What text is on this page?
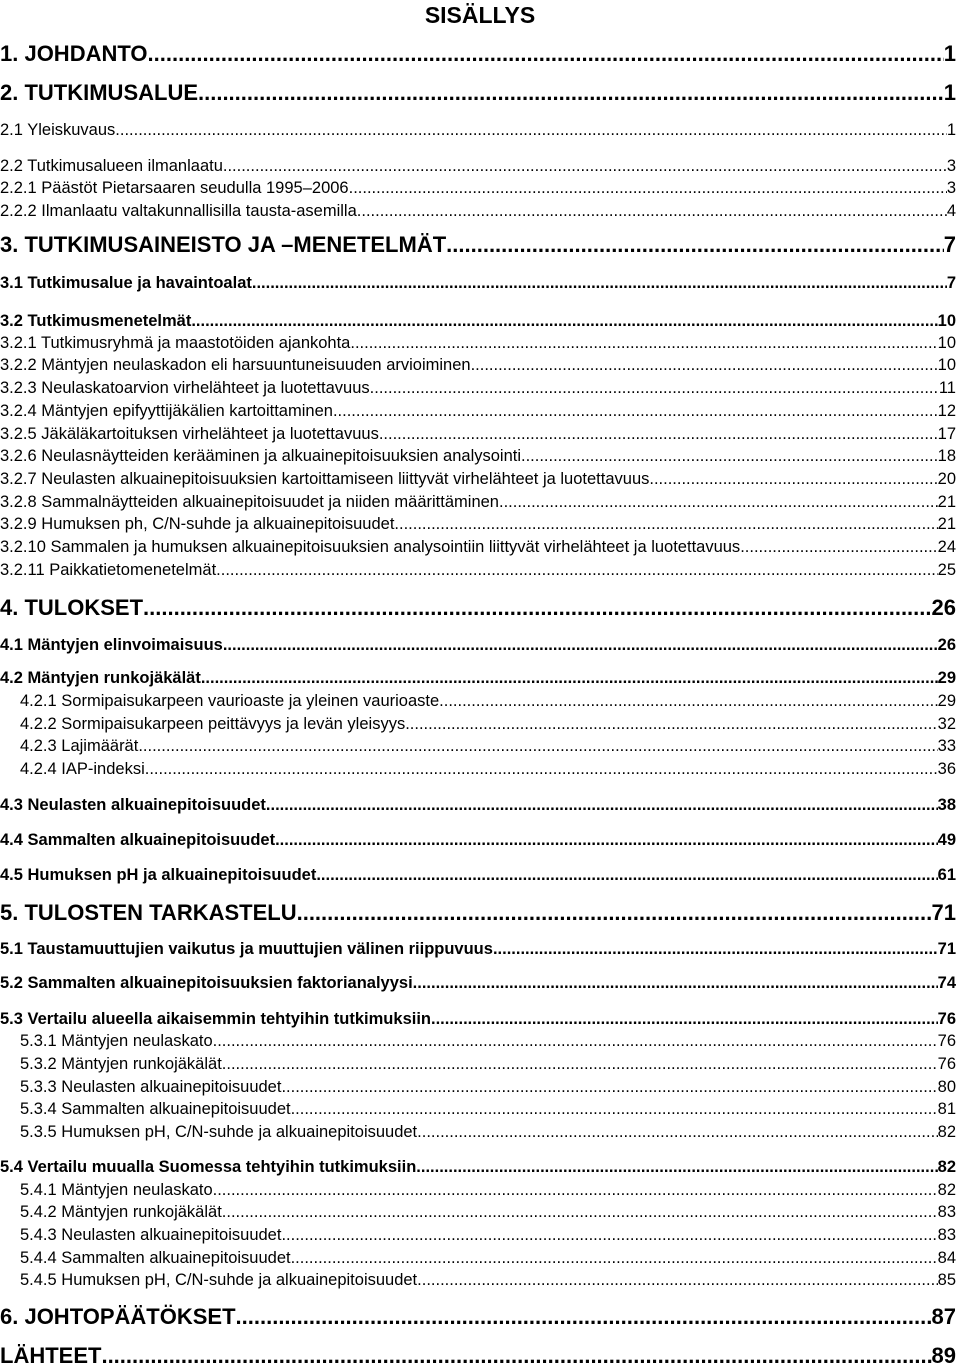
SISÄLLYS
1. JOHDANTO .....	1
2. TUTKIMUSALUE .....	1
2.1 Yleiskuvaus .....	1
2.2 Tutkimusalueen ilmanlaatu .....	3
2.2.1 Päästöt Pietarsaaren seudulla 1995–2006 .....	3
2.2.2 Ilmanlaatu valtakunnallisilla tausta-asemilla .....	4
3. TUTKIMUSAINEISTO JA –MENETELMÄT .....	7
3.1 Tutkimusalue ja havaintoalat .....	7
3.2 Tutkimusmenetelmät .....	10
3.2.1 Tutkimusryhmä ja maastotöiden ajankohta .....	10
3.2.2 Mäntyjen neulaskadon eli harsuuntuneisuuden arvioiminen .....	10
3.2.3 Neulaskatoarvion virhelähteet ja luotettavuus .....	11
3.2.4 Mäntyjen epifyyttijäkälien kartoittaminen .....	12
3.2.5 Jäkäläkartoituksen virhelähteet ja luotettavuus .....	17
3.2.6 Neulasnäytteiden kerääminen ja alkuainepitoisuuksien analysointi .....	18
3.2.7 Neulasten alkuainepitoisuuksien kartoittamiseen liittyvät virhelähteet ja luotettavuus .....	20
3.2.8 Sammalnäytteiden alkuainepitoisuudet ja niiden määrittäminen .....	21
3.2.9 Humuksen ph, C/N-suhde ja alkuainepitoisuudet .....	21
3.2.10 Sammalen ja humuksen alkuainepitoisuuksien analysointiin liittyvät virhelähteet ja luotettavuus .....	24
3.2.11 Paikkatietomenetelmät .....	25
4. TULOKSET .....	26
4.1 Mäntyjen elinvoimaisuus .....	26
4.2 Mäntyjen runkojäkälät .....	29
4.2.1 Sormipaisukarpeen vaurioaste ja yleinen vaurioaste .....	29
4.2.2 Sormipaisukarpeen peittävyys ja levän yleisyys .....	32
4.2.3 Lajimäärät .....	33
4.2.4 IAP-indeksi .....	36
4.3 Neulasten alkuainepitoisuudet .....	38
4.4 Sammalten alkuainepitoisuudet .....	49
4.5 Humuksen pH ja alkuainepitoisuudet .....	61
5. TULOSTEN TARKASTELU .....	71
5.1 Taustamuuttujien vaikutus ja muuttujien välinen riippuvuus .....	71
5.2 Sammalten alkuainepitoisuuksien faktorianalyysi .....	74
5.3 Vertailu alueella aikaisemmin tehtyihin tutkimuksiin .....	76
5.3.1 Mäntyjen neulaskato .....	76
5.3.2 Mäntyjen runkojäkälät .....	76
5.3.3 Neulasten alkuainepitoisuudet .....	80
5.3.4 Sammalten alkuainepitoisuudet .....	81
5.3.5 Humuksen pH, C/N-suhde ja alkuainepitoisuudet .....	82
5.4 Vertailu muualla Suomessa tehtyihin tutkimuksiin .....	82
5.4.1 Mäntyjen neulaskato .....	82
5.4.2 Mäntyjen runkojäkälät .....	83
5.4.3 Neulasten alkuainepitoisuudet .....	83
5.4.4 Sammalten alkuainepitoisuudet .....	84
5.4.5 Humuksen pH, C/N-suhde ja alkuainepitoisuudet .....	85
6. JOHTOPÄÄTÖKSET .....	87
LÄHTEET .....	89
